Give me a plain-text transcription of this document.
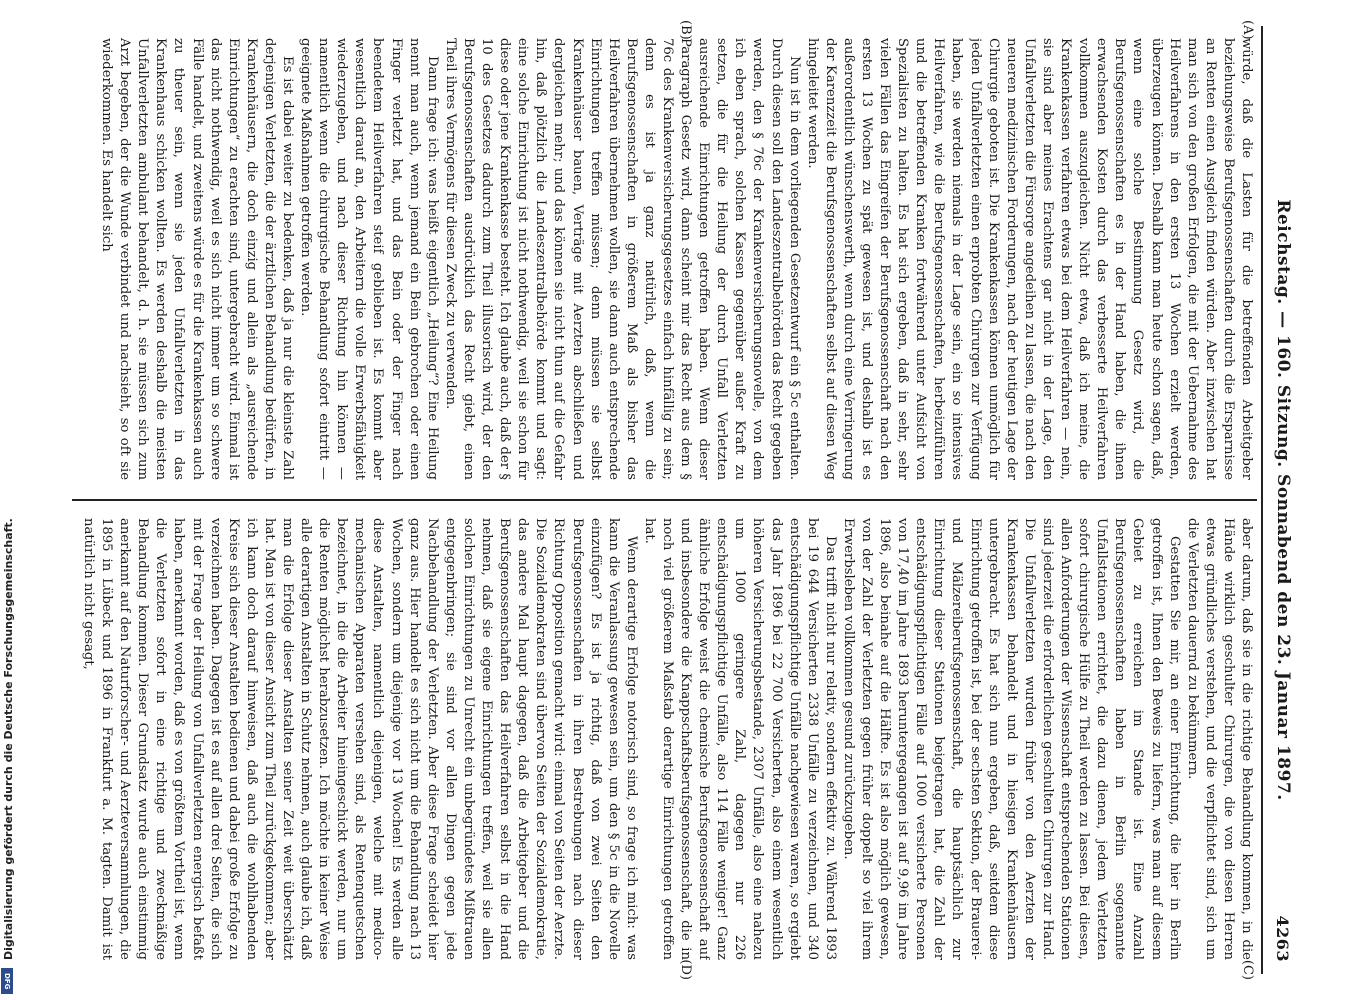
Reichstag. — 160. Sitzung. Sonnabend den 23. Januar 1897.
4263
(A)
(B)
(C)
(D)

würde, daß die Lasten für die betreffenden Arbeitgeber beziehungsweise Berufsgenossenschaften durch die Ersparnisse an Renten einen Ausgleich finden würden. Aber inzwischen hat man sich von den großen Erfolgen, die mit der Uebernahme des Heilverfahrens in den ersten 13 Wochen erzielt werden, überzeugen können. Deshalb kann man heute schon sagen, daß, wenn eine solche Bestimmung Gesetz wird, die Berufsgenossenschaften es in der Hand haben, die ihnen erwachsenden Kosten durch das verbesserte Heilverfahren vollkommen auszugleichen. Nicht etwa, daß ich meine, die Krankenkassen verfahren etwas bei dem Heilverfahren — nein, sie sind aber meines Erachtens gar nicht in der Lage, den Unfallverletzten die Fürsorge angedeihen zu lassen, die nach den neueren medizinischen Forderungen, nach der heutigen Lage der Chirurgie geboten ist. Die Krankenkassen können unmöglich für jeden Unfallverletzten einen erprobten Chirurgen zur Verfügung haben, sie werden niemals in der Lage sein, ein so intensives Heilverfahren, wie die Berufsgenossenschaften, herbeizuführen und die betreffenden Kranken fortwährend unter Aufsicht von Spezialisten zu halten. Es hat sich ergeben, daß in sehr, sehr vielen Fällen das Eingreifen der Berufsgenossenschaft nach den ersten 13 Wochen zu spät gewesen ist, und deshalb ist es außerordentlich wünschenswerth, wenn durch eine Verringerung der Karenzzeit die Berufsgenossenschaften selbst auf diesen Weg hingeleitet werden.

Nun ist in dem vorliegenden Gesetzentwurf ein § 5c enthalten. Durch diesen soll den Landeszentralbehörden das Recht gegeben werden, den § 76c der Krankenversicherungsnovelle, von dem ich eben sprach, solchen Kassen gegenüber außer Kraft zu setzen, die für die Heilung der durch Unfall Verletzten ausreichende Einrichtungen getroffen haben. Wenn dieser Paragraph Gesetz wird, dann scheint mir das Recht aus dem § 76c des Krankenversicherungsgesetzes einfach hinfällig zu sein; denn es ist ja ganz natürlich, daß, wenn die Berufsgenossenschaften in größerem Maß als bisher das Heilverfahren übernehmen wollen, sie dann auch entsprechende Einrichtungen treffen müssen; denn müssen sie selbst Krankenhäuser bauen, Verträge mit Aerzten abschließen und dergleichen mehr; und das können sie nicht thun auf die Gefahr hin, daß plötzlich die Landeszentralbehörde kommt und sagt: eine solche Einrichtung ist nicht nothwendig, weil sie schon für diese oder jene Krankenkasse besteht. Ich glaube auch, daß der § 10 des Gesetzes dadurch zum Theil illusorisch wird, der den Berufsgenossenschaften ausdrücklich das Recht giebt, einen Theil ihres Vermögens für diesen Zweck zu verwenden.

Dann frage ich: was heißt eigentlich „Heilung“? Eine Heilung nennt man auch, wenn jemand ein Bein gebrochen oder einen Finger verletzt hat, und das Bein oder der Finger nach beendetem Heilverfahren steif geblieben ist. Es kommt aber wesentlich darauf an, den Arbeitern die volle Erwerbsfähigkeit wiederzugeben, und nach dieser Richtung hin können — namentlich wenn die chirurgische Behandlung sofort eintritt — geeignete Maßnahmen getroffen werden.

Es ist dabei weiter zu bedenken, daß ja nur die kleinste Zahl derjenigen Verletzten, die der ärztlichen Behandlung bedürfen, in Krankenhäusern, die doch einzig und allein als „ausreichende Einrichtungen“ zu erachten sind, untergebracht wird. Einmal ist das nicht nothwendig, weil es sich nicht immer um so schwere Fälle handelt, und zweitens würde es für die Krankenkassen auch zu theuer sein, wenn sie jeden Unfallverletzten in das Krankenhaus schicken wollten. Es werden deshalb die meisten Unfallverletzten ambulant behandelt, d. h. sie müssen sich zum Arzt begeben, der die Wunde verbindet und nachsieht, so oft sie wiederkommen. Es handelt sich

aber darum, daß sie in die richtige Behandlung kommen, in die Hände wirklich geschulter Chirurgen, die von diesen Herren etwas gründliches verstehen, und die verpflichtet sind, sich um die Verletzten dauernd zu bekümmern.

Gestatten Sie mir, an einer Einrichtung, die hier in Berlin getroffen ist, Ihnen den Beweis zu liefern, was man auf diesem Gebiet zu erreichen im Stande ist. Eine Anzahl Berufsgenossenschaften haben in Berlin sogenannte Unfallstationen errichtet, die dazu dienen, jedem Verletzten sofort chirurgische Hülfe zu Theil werden zu lassen. Bei diesen, allen Anforderungen der Wissenschaft entsprechenden Stationen sind jederzeit die erforderlichen geschulten Chirurgen zur Hand. Die Unfallverletzten wurden früher von den Aerzten der Krankenkassen behandelt und in hiesigen Krankenhäusern untergebracht. Es hat sich nun ergeben, daß, seitdem diese Einrichtung getroffen ist, bei der sechsten Sektion, der Brauerei- und Mälzereiberufsgenossenschaft, die hauptsächlich zur Einrichtung dieser Stationen beigetragen hat, die Zahl der entschädigungspflichtigen Fälle auf 1000 versicherte Personen von 17,40 im Jahre 1893 heruntergegangen ist auf 9,96 im Jahre 1896, also beinahe auf die Hälfte. Es ist also möglich gewesen, von der Zahl der Verletzten gegen früher doppelt so viel ihrem Erwerbsleben vollkommen gesund zurückzugeben.

Das trifft nicht nur relativ, sondern effektiv zu. Während 1893 bei 19 644 Versicherten 2338 Unfälle zu verzeichnen, und 340 entschädigungspflichtige Unfälle nachgewiesen waren, so ergiebt das Jahr 1896 bei 22 700 Versicherten, also einem wesentlich höheren Versicherungsbestande, 2307 Unfälle, also eine nahezu um 1000 geringere Zahl, dagegen nur 226 entschädigungspflichtige Unfälle, also 114 Fälle weniger! Ganz ähnliche Erfolge weist die chemische Berufsgenossenschaft auf und insbesondere die Knappschaftsberufsgenossenschaft, die in noch viel größerem Maßstab derartige Einrichtungen getroffen hat.

Wenn derartige Erfolge notorisch sind, so frage ich mich: was kann die Veranlassung gewesen sein, um den § 5c in die Novelle einzufügen? Es ist ja richtig, daß von zwei Seiten den Berufsgenossenschaften in ihren Bestrebungen nach dieser Richtung Opposition gemacht wird: einmal von Seiten der Aerzte. Die Sozialdemokraten sind übervon Seiten der Sozialdemokratie, das andere Mal haupt dagegen, daß die Arbeitgeber und die Berufsgenossenschaften das Heilverfahren selbst in die Hand nehmen, daß sie eigene Einrichtungen treffen, weil sie allen solchen Einrichtungen zu Unrecht ein unbegründetes Mißtrauen entgegenbringen; sie sind vor allen Dingen gegen jede Nachbehandlung der Verletzten. Aber diese Frage scheidet hier ganz aus. Hier handelt es sich nicht um die Behandlung nach 13 Wochen, sondern um diejenige vor 13 Wochen! Es werden alle diese Anstalten, namentlich diejenigen, welche mit medico-mechanischen Apparaten versehen sind, als Rentenquetschen bezeichnet, in die die Arbeiter hineingeschickt werden, nur um die Renten möglichst herabzusetzen. Ich möchte in keiner Weise alle derartigen Anstalten in Schutz nehmen, auch glaube ich, daß man die Erfolge dieser Anstalten seiner Zeit weit überschätzt hat. Man ist von dieser Ansicht zum Theil zurückgekommen; aber ich kann doch darauf hinweisen, daß auch die wohlhabenden Kreise sich dieser Anstalten bedienen und dabei große Erfolge zu verzeichnen haben. Dagegen ist es auf allen drei Seiten, die sich mit der Frage der Heilung von Unfallverletzten energisch befaßt haben, anerkannt worden, daß es von größtem Vortheil ist, wenn die Verletzten sofort in eine richtige und zweckmäßige Behandlung kommen. Dieser Grundsatz wurde auch einstimmig anerkannt auf den Naturforscher- und Aerzteversammlungen, die 1895 in Lübeck und 1896 in Frankfurt a. M. tagten. Damit ist natürlich nicht gesagt,

Digitalisierung gefördert durch die Deutsche Forschungsgemeinschaft.
DFG
